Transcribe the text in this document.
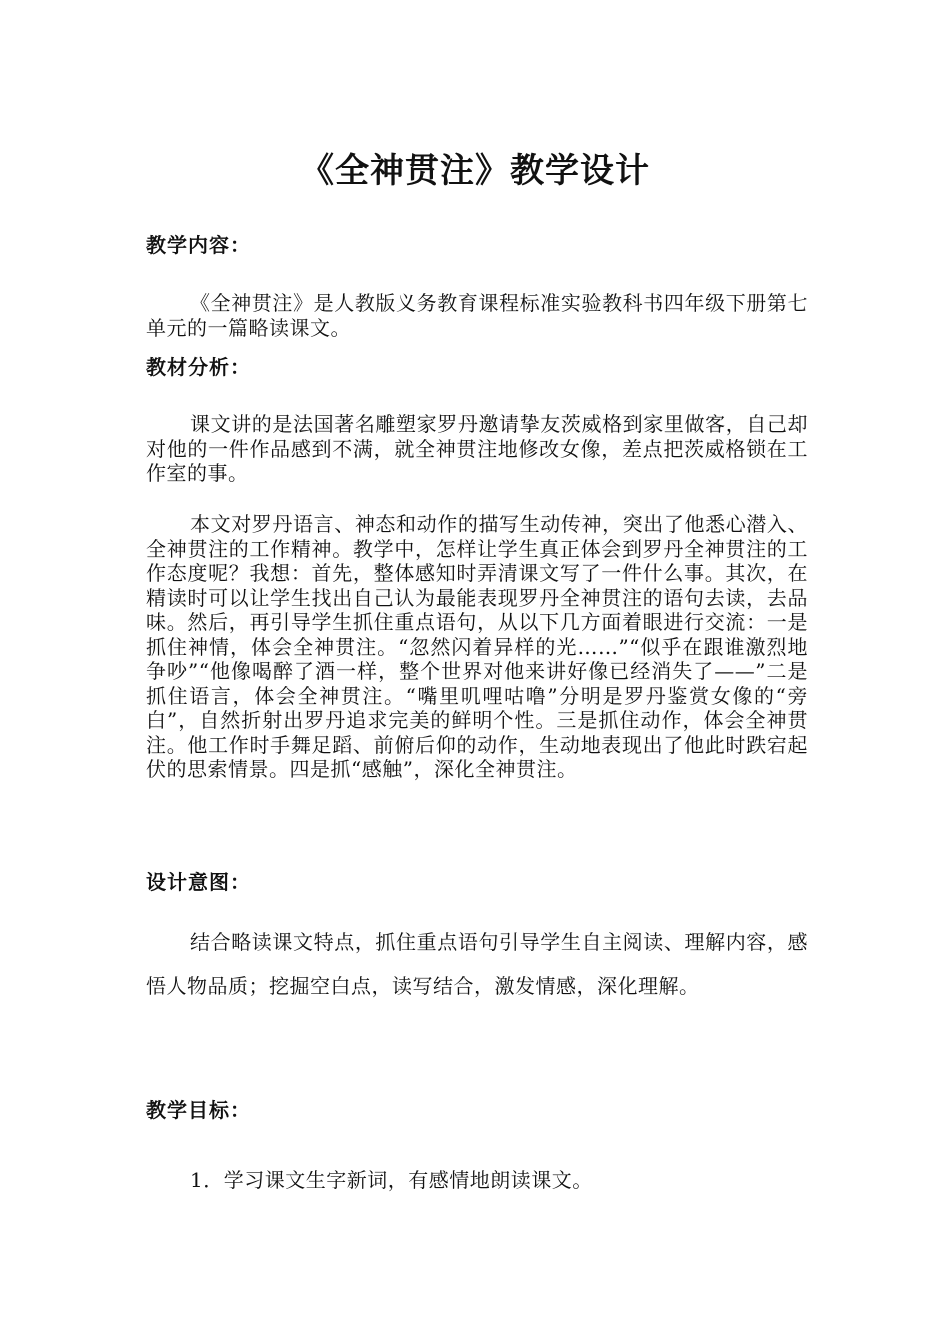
《全神贯注》教学设计
教学内容：
《全神贯注》是人教版义务教育课程标准实验教科书四年级下册第七单元的一篇略读课文。
教材分析：
课文讲的是法国著名雕塑家罗丹邀请挚友茨威格到家里做客，自己却对他的一件作品感到不满，就全神贯注地修改女像，差点把茨威格锁在工作室的事。
本文对罗丹语言、神态和动作的描写生动传神，突出了他悉心潜入、全神贯注的工作精神。教学中，怎样让学生真正体会到罗丹全神贯注的工作态度呢？我想：首先，整体感知时弄清课文写了一件什么事。其次，在精读时可以让学生找出自己认为最能表现罗丹全神贯注的语句去读，去品味。然后，再引导学生抓住重点语句，从以下几方面着眼进行交流：一是抓住神情，体会全神贯注。“忽然闪着异样的光……”“似乎在跟谁激烈地争吵”“他像喝醉了酒一样，整个世界对他来讲好像已经消失了——”二是抓住语言，体会全神贯注。“嘴里叽哩咕噜”分明是罗丹鉴赏女像的“旁白”，自然折射出罗丹追求完美的鲜明个性。三是抓住动作，体会全神贯注。他工作时手舞足蹈、前俯后仰的动作，生动地表现出了他此时跌宕起伏的思索情景。四是抓“感触”，深化全神贯注。
设计意图：
结合略读课文特点，抓住重点语句引导学生自主阅读、理解内容，感悟人物品质；挖掘空白点，读写结合，激发情感，深化理解。
教学目标：
1．学习课文生字新词，有感情地朗读课文。
